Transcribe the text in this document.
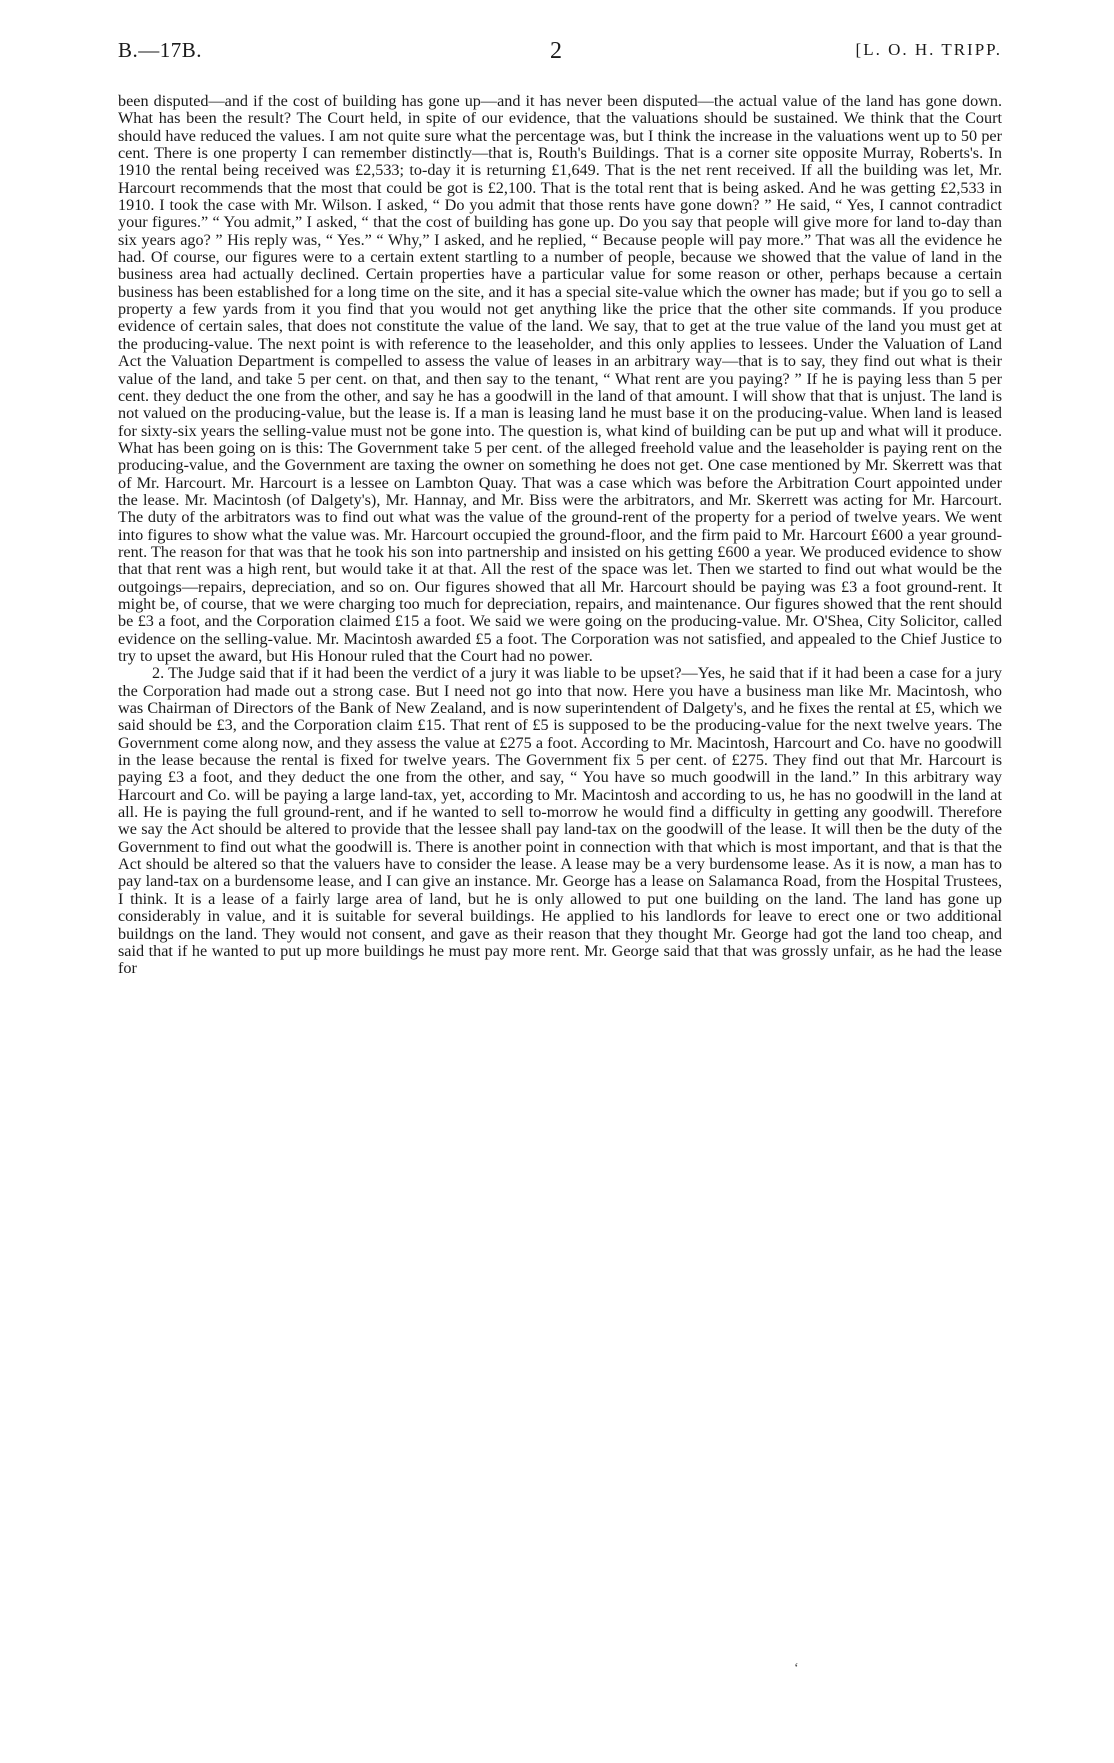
B.—17B.	2	[L. O. H. TRIPP.

been disputed—and if the cost of building has gone up—and it has never been disputed—the actual value of the land has gone down. What has been the result? The Court held, in spite of our evidence, that the valuations should be sustained. We think that the Court should have reduced the values. I am not quite sure what the percentage was, but I think the increase in the valuations went up to 50 per cent. There is one property I can remember distinctly—that is, Routh's Buildings. That is a corner site opposite Murray, Roberts's. In 1910 the rental being received was £2,533; to-day it is returning £1,649. That is the net rent received. If all the building was let, Mr. Harcourt recommends that the most that could be got is £2,100. That is the total rent that is being asked. And he was getting £2,533 in 1910. I took the case with Mr. Wilson. I asked, “ Do you admit that those rents have gone down? ” He said, “ Yes, I cannot contradict your figures.” “ You admit,” I asked, “ that the cost of building has gone up. Do you say that people will give more for land to-day than six years ago? ” His reply was, “ Yes.” “ Why,” I asked, and he replied, “ Because people will pay more.” That was all the evidence he had. Of course, our figures were to a certain extent startling to a number of people, because we showed that the value of land in the business area had actually declined. Certain properties have a particular value for some reason or other, perhaps because a certain business has been established for a long time on the site, and it has a special site-value which the owner has made; but if you go to sell a property a few yards from it you find that you would not get anything like the price that the other site commands. If you produce evidence of certain sales, that does not constitute the value of the land. We say, that to get at the true value of the land you must get at the producing-value. The next point is with reference to the leaseholder, and this only applies to lessees. Under the Valuation of Land Act the Valuation Department is compelled to assess the value of leases in an arbitrary way—that is to say, they find out what is their value of the land, and take 5 per cent. on that, and then say to the tenant, “ What rent are you paying? ” If he is paying less than 5 per cent. they deduct the one from the other, and say he has a goodwill in the land of that amount. I will show that that is unjust. The land is not valued on the producing-value, but the lease is. If a man is leasing land he must base it on the producing-value. When land is leased for sixty-six years the selling-value must not be gone into. The question is, what kind of building can be put up and what will it produce. What has been going on is this: The Government take 5 per cent. of the alleged freehold value and the leaseholder is paying rent on the producing-value, and the Government are taxing the owner on something he does not get. One case mentioned by Mr. Skerrett was that of Mr. Harcourt. Mr. Harcourt is a lessee on Lambton Quay. That was a case which was before the Arbitration Court appointed under the lease. Mr. Macintosh (of Dalgety's), Mr. Hannay, and Mr. Biss were the arbitrators, and Mr. Skerrett was acting for Mr. Harcourt. The duty of the arbitrators was to find out what was the value of the ground-rent of the property for a period of twelve years. We went into figures to show what the value was. Mr. Harcourt occupied the ground-floor, and the firm paid to Mr. Harcourt £600 a year ground-rent. The reason for that was that he took his son into partnership and insisted on his getting £600 a year. We produced evidence to show that that rent was a high rent, but would take it at that. All the rest of the space was let. Then we started to find out what would be the outgoings—repairs, depreciation, and so on. Our figures showed that all Mr. Harcourt should be paying was £3 a foot ground-rent. It might be, of course, that we were charging too much for depreciation, repairs, and maintenance. Our figures showed that the rent should be £3 a foot, and the Corporation claimed £15 a foot. We said we were going on the producing-value. Mr. O'Shea, City Solicitor, called evidence on the selling-value. Mr. Macintosh awarded £5 a foot. The Corporation was not satisfied, and appealed to the Chief Justice to try to upset the award, but His Honour ruled that the Court had no power.

2. The Judge said that if it had been the verdict of a jury it was liable to be upset?—Yes, he said that if it had been a case for a jury the Corporation had made out a strong case. But I need not go into that now. Here you have a business man like Mr. Macintosh, who was Chairman of Directors of the Bank of New Zealand, and is now superintendent of Dalgety's, and he fixes the rental at £5, which we said should be £3, and the Corporation claim £15. That rent of £5 is supposed to be the producing-value for the next twelve years. The Government come along now, and they assess the value at £275 a foot. According to Mr. Macintosh, Harcourt and Co. have no goodwill in the lease because the rental is fixed for twelve years. The Government fix 5 per cent. of £275. They find out that Mr. Harcourt is paying £3 a foot, and they deduct the one from the other, and say, “ You have so much goodwill in the land.” In this arbitrary way Harcourt and Co. will be paying a large land-tax, yet, according to Mr. Macintosh and according to us, he has no goodwill in the land at all. He is paying the full ground-rent, and if he wanted to sell to-morrow he would find a difficulty in getting any goodwill. Therefore we say the Act should be altered to provide that the lessee shall pay land-tax on the goodwill of the lease. It will then be the duty of the Government to find out what the goodwill is. There is another point in connection with that which is most important, and that is that the Act should be altered so that the valuers have to consider the lease. A lease may be a very burdensome lease. As it is now, a man has to pay land-tax on a burdensome lease, and I can give an instance. Mr. George has a lease on Salamanca Road, from the Hospital Trustees, I think. It is a lease of a fairly large area of land, but he is only allowed to put one building on the land. The land has gone up considerably in value, and it is suitable for several buildings. He applied to his landlords for leave to erect one or two additional buildngs on the land. They would not consent, and gave as their reason that they thought Mr. George had got the land too cheap, and said that if he wanted to put up more buildings he must pay more rent. Mr. George said that that was grossly unfair, as he had the lease for

‘
